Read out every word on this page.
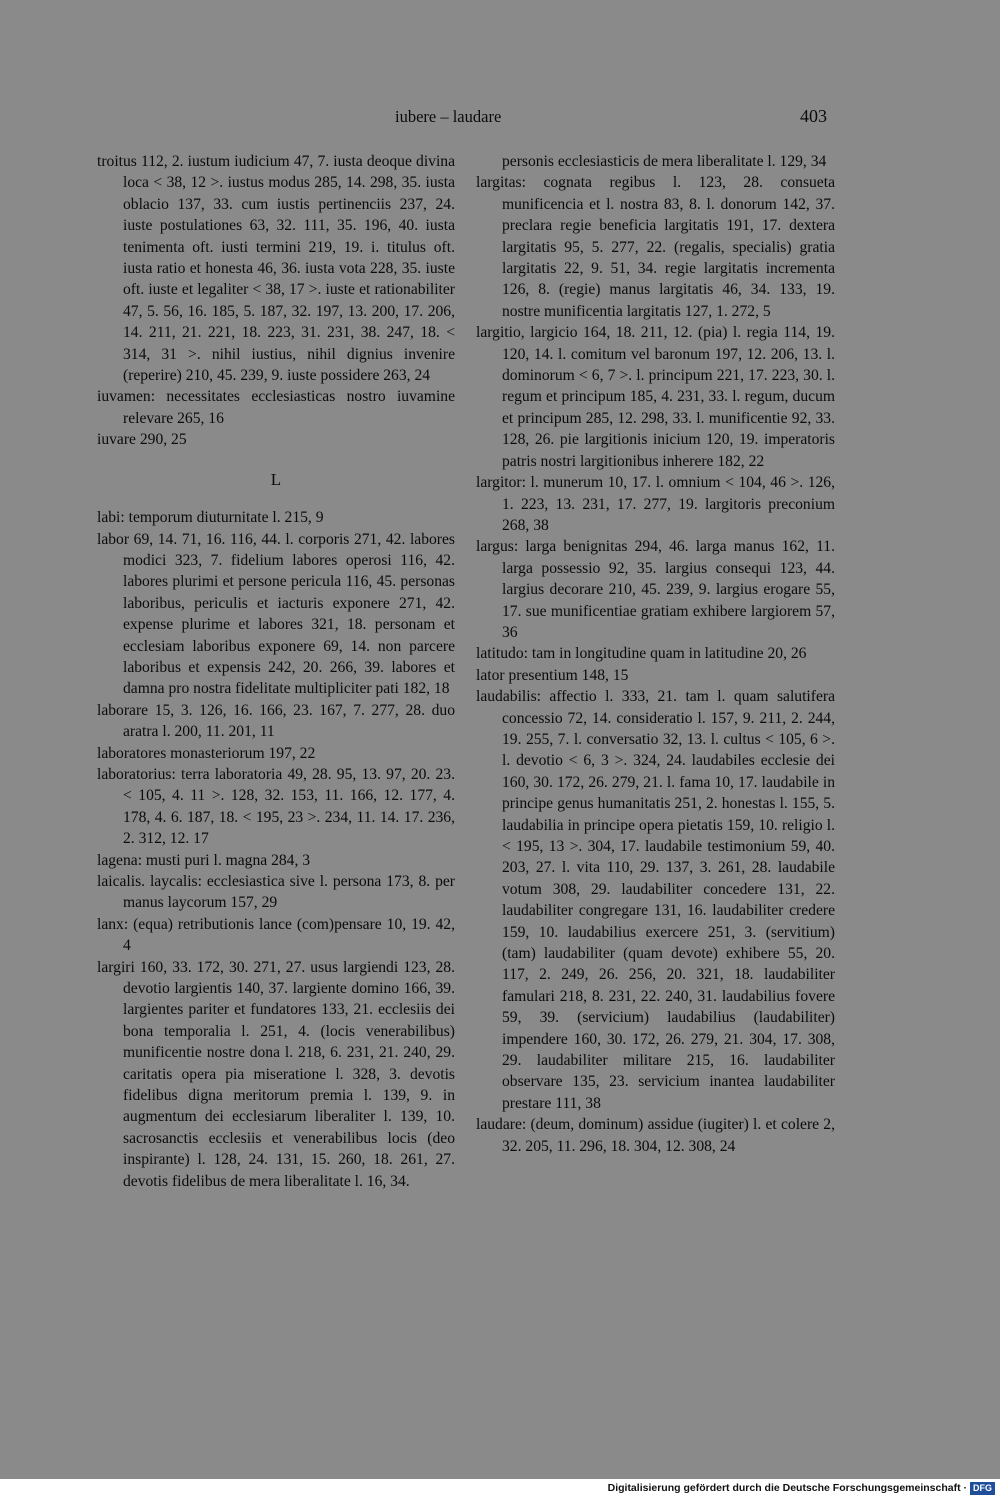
iubere – laudare	403

troitus 112, 2. iustum iudicium 47, 7. iusta deoque divina loca < 38, 12 >. iustus modus 285, 14. 298, 35. iusta oblacio 137, 33. cum iustis pertinenciis 237, 24. iuste postulationes 63, 32. 111, 35. 196, 40. iusta tenimenta oft. iusti termini 219, 19. i. titulus oft. iusta ratio et honesta 46, 36. iusta vota 228, 35. iuste oft. iuste et legaliter < 38, 17 >. iuste et rationabiliter 47, 5. 56, 16. 185, 5. 187, 32. 197, 13. 200, 17. 206, 14. 211, 21. 221, 18. 223, 31. 231, 38. 247, 18. < 314, 31 >. nihil iustius, nihil dignius invenire (reperire) 210, 45. 239, 9. iuste possidere 263, 24

iuvamen: necessitates ecclesiasticas nostro iuvamine relevare 265, 16

iuvare 290, 25

L

labi: temporum diuturnitate l. 215, 9

labor 69, 14. 71, 16. 116, 44. l. corporis 271, 42. labores modici 323, 7. fidelium labores operosi 116, 42. labores plurimi et persone pericula 116, 45. personas laboribus, periculis et iacturis exponere 271, 42. expense plurime et labores 321, 18. personam et ecclesiam laboribus exponere 69, 14. non parcere laboribus et expensis 242, 20. 266, 39. labores et damna pro nostra fidelitate multipliciter pati 182, 18

laborare 15, 3. 126, 16. 166, 23. 167, 7. 277, 28. duo aratra l. 200, 11. 201, 11

laboratores monasteriorum 197, 22

laboratorius: terra laboratoria 49, 28. 95, 13. 97, 20. 23. < 105, 4. 11 >. 128, 32. 153, 11. 166, 12. 177, 4. 178, 4. 6. 187, 18. < 195, 23 >. 234, 11. 14. 17. 236, 2. 312, 12. 17

lagena: musti puri l. magna 284, 3

laicalis. laycalis: ecclesiastica sive l. persona 173, 8. per manus laycorum 157, 29

lanx: (equa) retributionis lance (com)pensare 10, 19. 42, 4

largiri 160, 33. 172, 30. 271, 27. usus largiendi 123, 28. devotio largientis 140, 37. largiente domino 166, 39. largientes pariter et fundatores 133, 21. ecclesiis dei bona temporalia l. 251, 4. (locis venerabilibus) munificentie nostre dona l. 218, 6. 231, 21. 240, 29. caritatis opera pia miseratione l. 328, 3. devotis fidelibus digna meritorum premia l. 139, 9. in augmentum dei ecclesiarum liberaliter l. 139, 10. sacrosanctis ecclesiis et venerabilibus locis (deo inspirante) l. 128, 24. 131, 15. 260, 18. 261, 27. devotis fidelibus de mera liberalitate l. 16, 34.

personis ecclesiasticis de mera liberalitate l. 129, 34

largitas: cognata regibus l. 123, 28. consueta munificencia et l. nostra 83, 8. l. donorum 142, 37. preclara regie beneficia largitatis 191, 17. dextera largitatis 95, 5. 277, 22. (regalis, specialis) gratia largitatis 22, 9. 51, 34. regie largitatis incrementa 126, 8. (regie) manus largitatis 46, 34. 133, 19. nostre munificentia largitatis 127, 1. 272, 5

largitio, largicio 164, 18. 211, 12. (pia) l. regia 114, 19. 120, 14. l. comitum vel baronum 197, 12. 206, 13. l. dominorum < 6, 7 >. l. principum 221, 17. 223, 30. l. regum et principum 185, 4. 231, 33. l. regum, ducum et principum 285, 12. 298, 33. l. munificentie 92, 33. 128, 26. pie largitionis inicium 120, 19. imperatoris patris nostri largitionibus inherere 182, 22

largitor: l. munerum 10, 17. l. omnium < 104, 46 >. 126, 1. 223, 13. 231, 17. 277, 19. largitoris preconium 268, 38

largus: larga benignitas 294, 46. larga manus 162, 11. larga possessio 92, 35. largius consequi 123, 44. largius decorare 210, 45. 239, 9. largius erogare 55, 17. sue munificentiae gratiam exhibere largiorem 57, 36

latitudo: tam in longitudine quam in latitudine 20, 26

lator presentium 148, 15

laudabilis: affectio l. 333, 21. tam l. quam salutifera concessio 72, 14. consideratio l. 157, 9. 211, 2. 244, 19. 255, 7. l. conversatio 32, 13. l. cultus < 105, 6 >. l. devotio < 6, 3 >. 324, 24. laudabiles ecclesie dei 160, 30. 172, 26. 279, 21. l. fama 10, 17. laudabile in principe genus humanitatis 251, 2. honestas l. 155, 5. laudabilia in principe opera pietatis 159, 10. religio l. < 195, 13 >. 304, 17. laudabile testimonium 59, 40. 203, 27. l. vita 110, 29. 137, 3. 261, 28. laudabile votum 308, 29. laudabiliter concedere 131, 22. laudabiliter congregare 131, 16. laudabiliter credere 159, 10. laudabilius exercere 251, 3. (servitium) (tam) laudabiliter (quam devote) exhibere 55, 20. 117, 2. 249, 26. 256, 20. 321, 18. laudabiliter famulari 218, 8. 231, 22. 240, 31. laudabilius fovere 59, 39. (servicium) laudabilius (laudabiliter) impendere 160, 30. 172, 26. 279, 21. 304, 17. 308, 29. laudabiliter militare 215, 16. laudabiliter observare 135, 23. servicium inantea laudabiliter prestare 111, 38

laudare: (deum, dominum) assidue (iugiter) l. et colere 2, 32. 205, 11. 296, 18. 304, 12. 308, 24

Digitalisierung gefördert durch die Deutsche Forschungsgemeinschaft · DFG
